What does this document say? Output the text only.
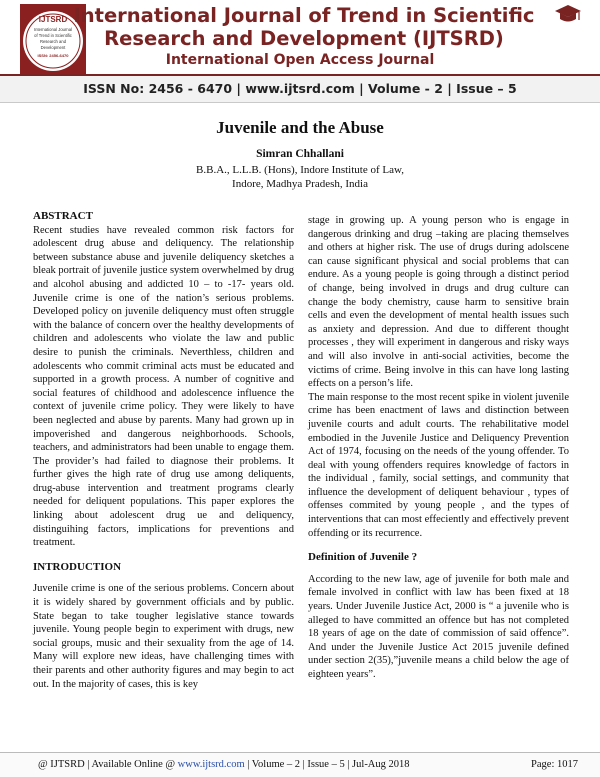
IJTSRD
International Journal
of Trend in Scientific
Research and
Development
ISSN: 2456-6470
International Journal of Trend in Scientific
Research and Development (IJTSRD)
International Open Access Journal
ISSN No: 2456 - 6470 | www.ijtsrd.com | Volume - 2 | Issue – 5
Juvenile and the Abuse
Simran Chhallani
B.B.A., L.L.B. (Hons), Indore Institute of Law,
Indore, Madhya Pradesh, India

ABSTRACT

Recent studies have revealed common risk factors for adolescent drug abuse and deliquency. The relationship between substance abuse and juvenile deliquency sketches a bleak portrait of juvenile justice system overwhelmed by drug and alcohol abusing and addicted 10 – to -17- years old. Juvenile crime is one of the nation’s serious problems. Developed policy on juvenile deliquency must often struggle with the balance of concern over the healthy developments of children and adolescents who violate the law and public desire to punish the criminals. Neverthless, children and adolescents who commit criminal acts must be educated and supported in a growth process. A number of cognitive and social features of childhood and adolescence influence the context of juvenile crime policy. They were likely to have been neglected and abuse by parents. Many had grown up in impoverished and dangerous neighborhoods. Schools, teachers, and administrators had been unable to engage them. The provider’s had failed to diagnose their problems. It further gives the high rate of drug use among deliquents, drug-abuse intervention and treatment programs clearly needed for deliquent populations. This paper explores the linking about adolescent drug ue and deliquency, distinguihing factors, implications for preventions and treatment.

INTRODUCTION

Juvenile crime is one of the serious problems. Concern about it is widely shared by government officials and by public. State began to take tougher legislative stance towards juvenile. Young people begin to experiment with drugs, new social groups, music and their sexuality from the age of 14. Many will explore new ideas, have challenging times with their parents and other authority figures and may begin to act out. In the majority of cases, this is key

stage in growing up. A young person who is engage in dangerous drinking and drug –taking are placing themselves and others at higher risk. The use of drugs during adolscene can cause significant physical and social problems that can endure. As a young people is going through a distinct period of change, being involved in drugs and drug culture can change the body chemistry, cause harm to sensitive brain cells and even the development of mental health issues such as anxiety and depression. And due to different thought processes , they will experiment in dangerous and risky ways and will also involve in anti-social activities, become the victims of crime. Being involve in this can have long lasting effects on a person’s life.

The main response to the most recent spike in violent juvenile crime has been enactment of laws and distinction between juvenile courts and adult courts. The rehabilitative model embodied in the Juvenile Justice and Deliquency Prevention Act of 1974, focusing on the needs of the young offender. To deal with young offenders requires knowledge of factors in the individual , family, social settings, and community that influence the development of deliquent behaviour , types of offenses commited by young people , and the types of interventions that can most effeciently and effectively prevent offending or its recurrence.

Definition of Juvenile ?

According to the new law, age of juvenile for both male and female involved in conflict with law has been fixed at 18 years. Under Juvenile Justice Act, 2000 is “ a juvenile who is alleged to have committed an offence but has not completed 18 years of age on the date of commission of said offence”. And under the Juvenile Justice Act 2015 juvenile defined under section 2(35),”juvenile means a child below the age of eighteen years”.

@ IJTSRD | Available Online @ www.ijtsrd.com | Volume – 2 | Issue – 5 | Jul-Aug 2018	Page: 1017
